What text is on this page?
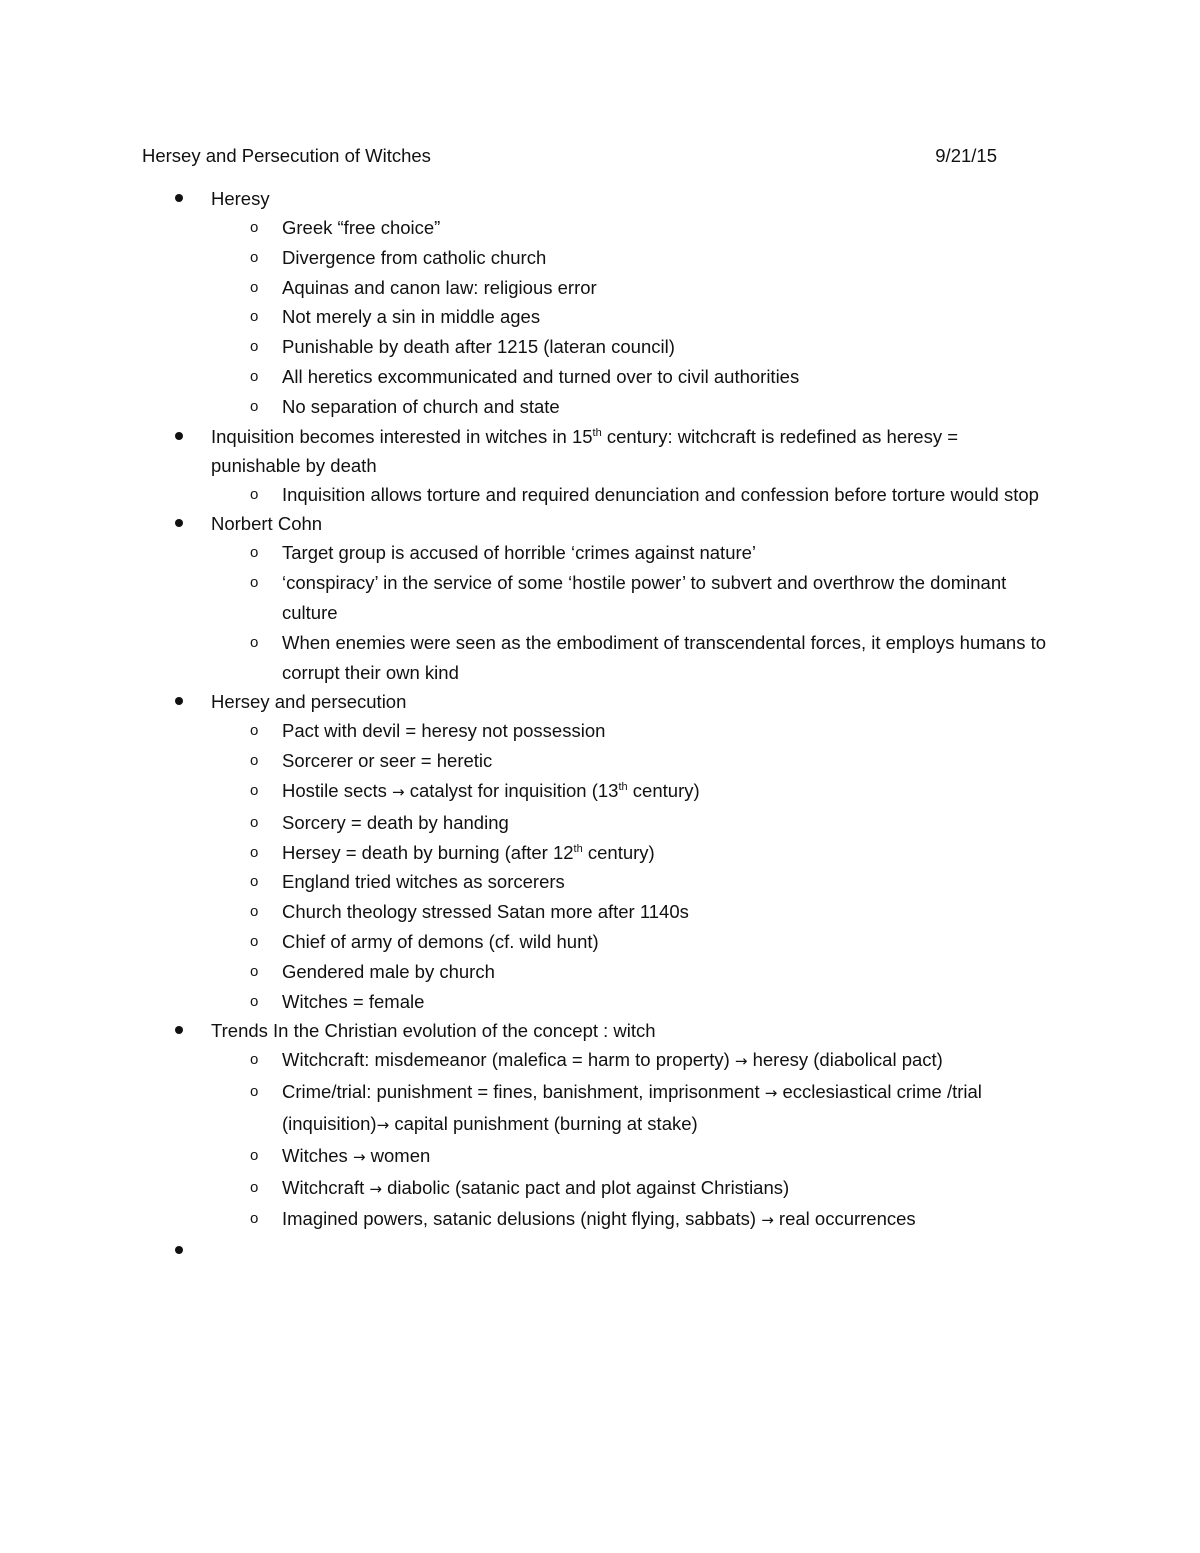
Hersey and Persecution of Witches	9/21/15
Heresy
o Greek “free choice”
o Divergence from catholic church
o Aquinas and canon law: religious error
o Not merely a sin in middle ages
o Punishable by death after 1215 (lateran council)
o All heretics excommunicated and turned over to civil authorities
o No separation of church and state
Inquisition becomes interested in witches in 15th century: witchcraft is redefined as heresy = punishable by death
o Inquisition allows torture and required denunciation and confession before torture would stop
Norbert Cohn
o Target group is accused of horrible ‘crimes against nature’
o ‘conspiracy’ in the service of some ‘hostile power’ to subvert and overthrow the dominant culture
o When enemies were seen as the embodiment of transcendental forces, it employs humans to corrupt their own kind
Hersey and persecution
o Pact with devil = heresy not possession
o Sorcerer or seer = heretic
o Hostile sects → catalyst for inquisition (13th century)
o Sorcery = death by handing
o Hersey = death by burning (after 12th century)
o England tried witches as sorcerers
o Church theology stressed Satan more after 1140s
o Chief of army of demons (cf. wild hunt)
o Gendered male by church
o Witches = female
Trends In the Christian evolution of the concept : witch
o Witchcraft: misdemeanor (malefica = harm to property) → heresy (diabolical pact)
o Crime/trial: punishment = fines, banishment, imprisonment → ecclesiastical crime /trial (inquisition)→ capital punishment (burning at stake)
o Witches → women
o Witchcraft → diabolic (satanic pact and plot against Christians)
o Imagined powers, satanic delusions (night flying, sabbats) → real occurrences
